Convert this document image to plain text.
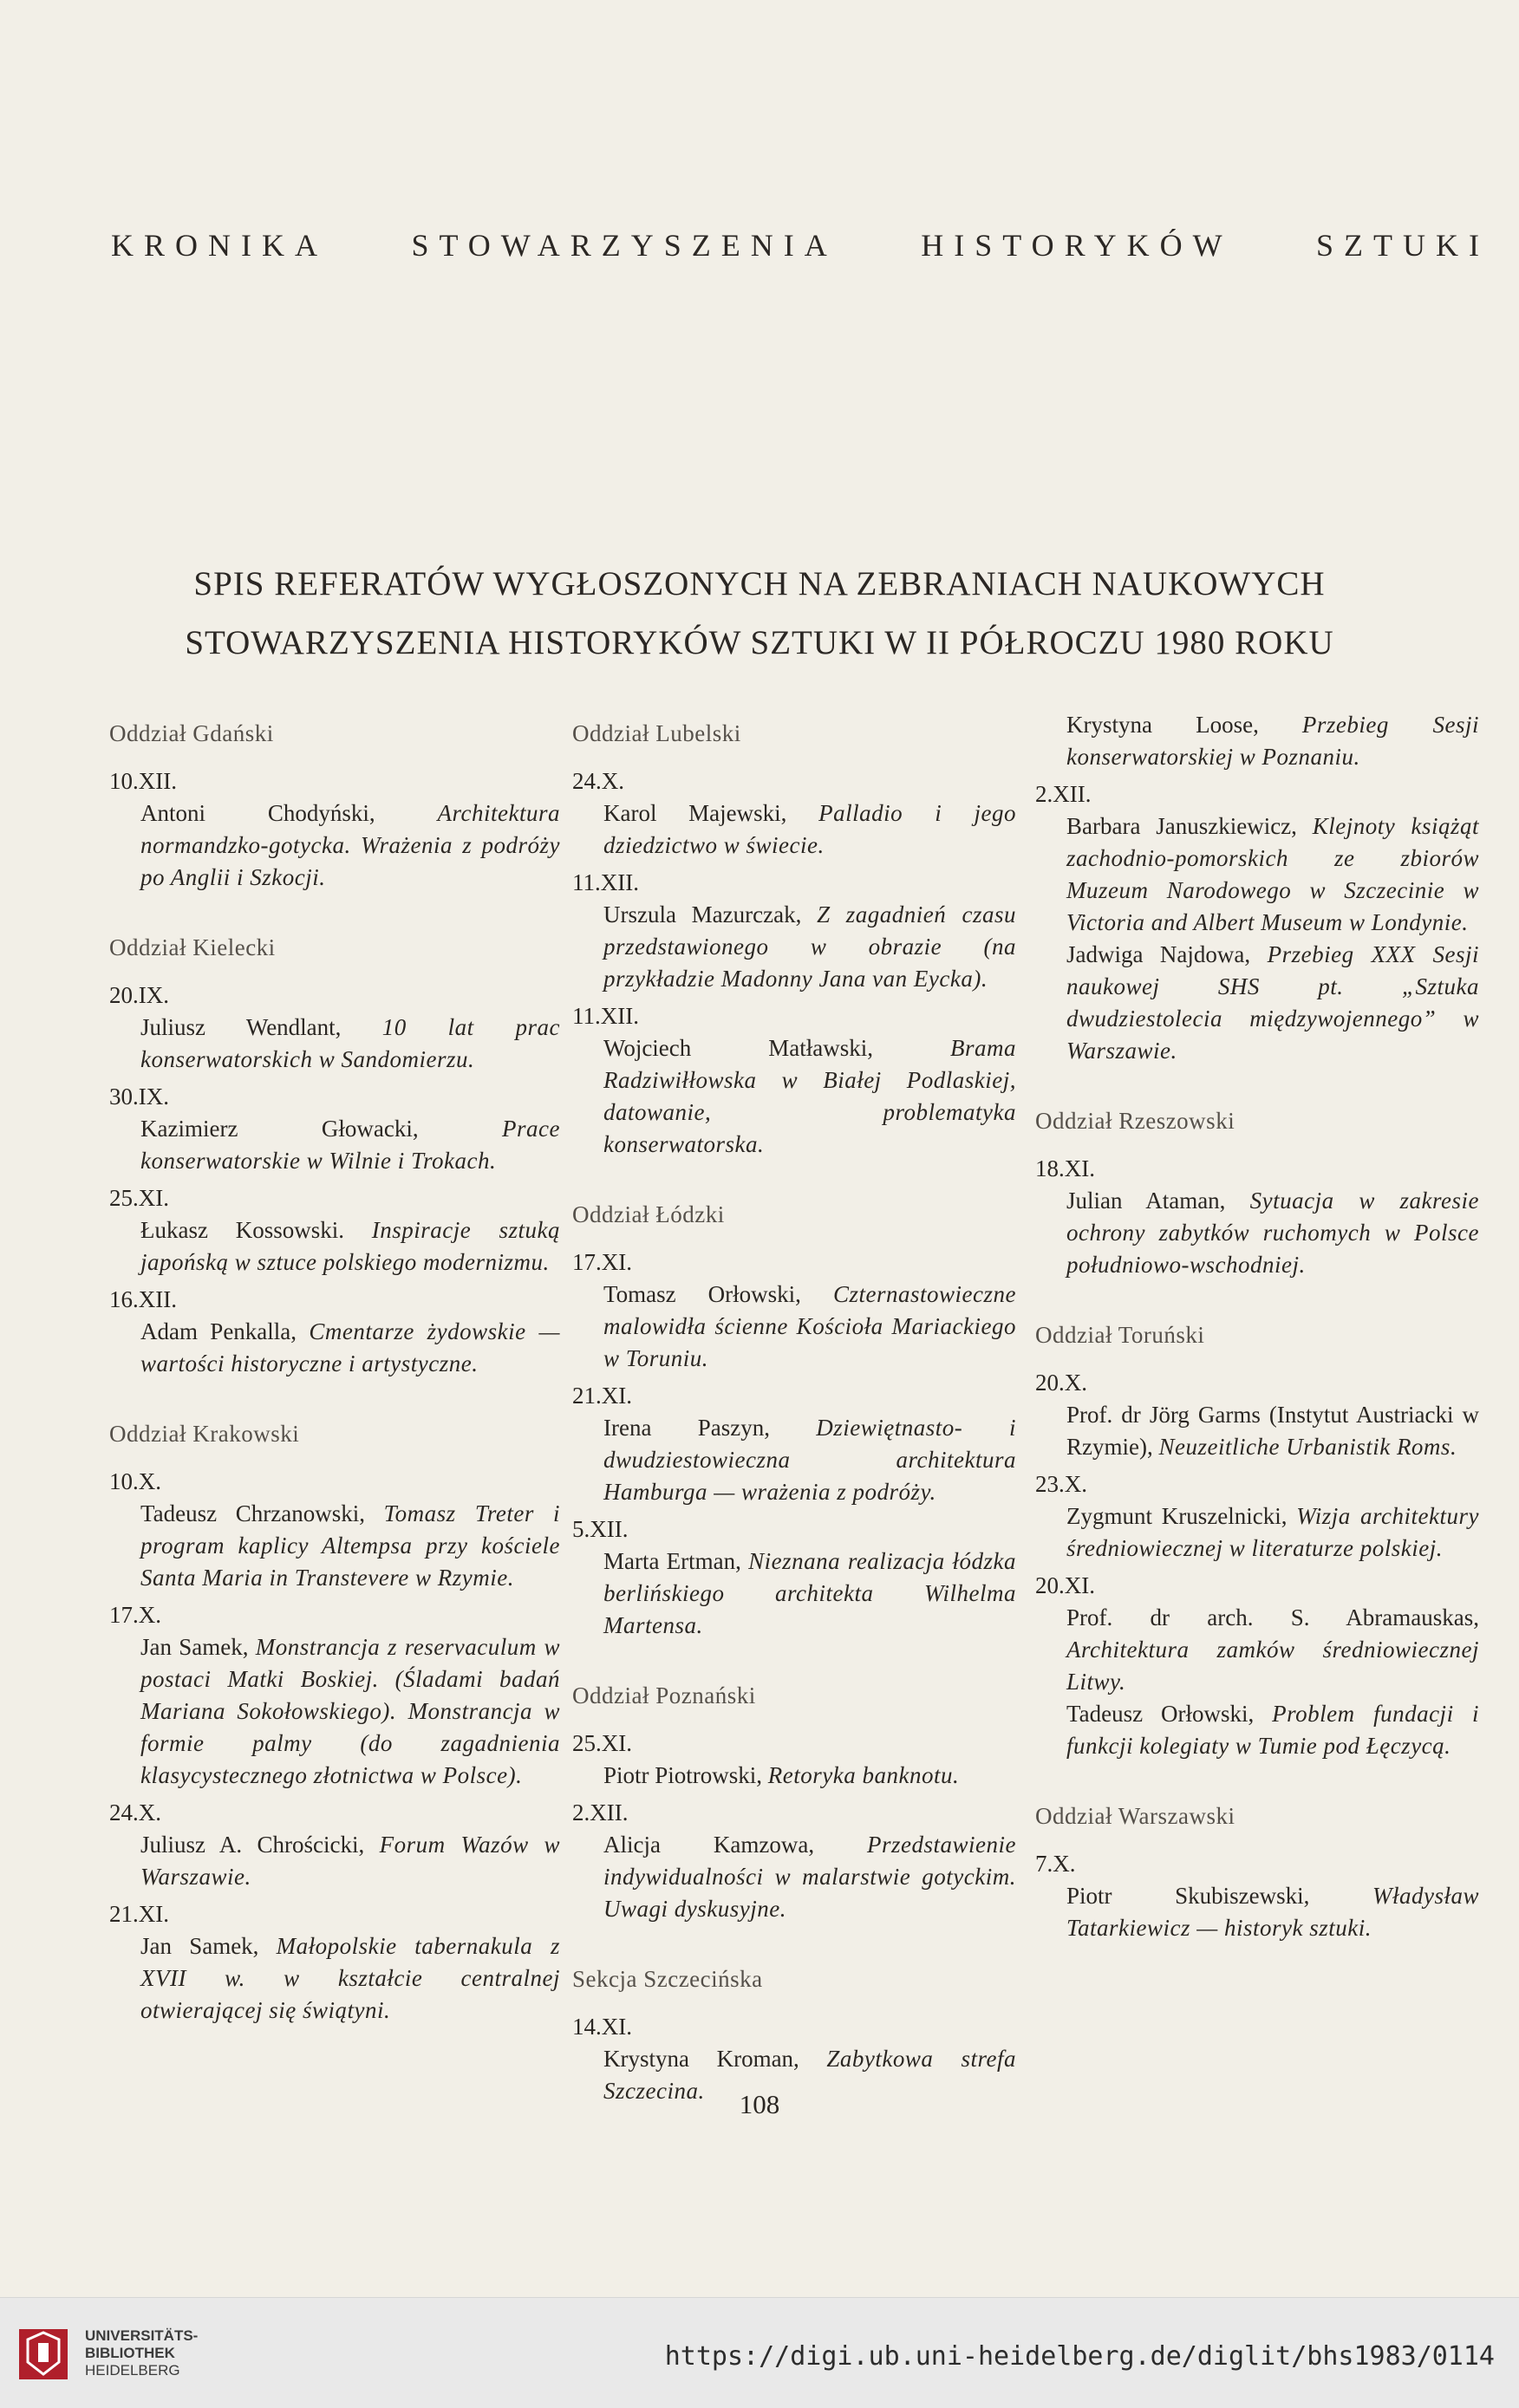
KRONIKA	STOWARZYSZENIA	HISTORYKÓW	SZTUKI
SPIS REFERATÓW WYGŁOSZONYCH NA ZEBRANIACH NAUKOWYCH
STOWARZYSZENIA HISTORYKÓW SZTUKI W II PÓŁROCZU 1980 ROKU
Oddział Gdański
10.XII.
Antoni Chodyński, Architektura normandzko-gotycka. Wrażenia z podróży po Anglii i Szkocji.
Oddział Kielecki
20.IX.
Juliusz Wendlant, 10 lat prac konserwatorskich w Sandomierzu.
30.IX.
Kazimierz Głowacki, Prace konserwatorskie w Wilnie i Trokach.
25.XI.
Łukasz Kossowski. Inspiracje sztuką japońską w sztuce polskiego modernizmu.
16.XII.
Adam Penkalla, Cmentarze żydowskie — wartości historyczne i artystyczne.
Oddział Krakowski
10.X.
Tadeusz Chrzanowski, Tomasz Treter i program kaplicy Altempsa przy kościele Santa Maria in Transtevere w Rzymie.
17.X.
Jan Samek, Monstrancja z reservaculum w postaci Matki Boskiej. (Śladami badań Mariana Sokołowskiego). Monstrancja w formie palmy (do zagadnienia klasycystecznego złotnictwa w Polsce).
24.X.
Juliusz A. Chrościcki, Forum Wazów w Warszawie.
21.XI.
Jan Samek, Małopolskie tabernakula z XVII w. w kształcie centralnej otwierającej się świątyni.
Oddział Lubelski
24.X.
Karol Majewski, Palladio i jego dziedzictwo w świecie.
11.XII.
Urszula Mazurczak, Z zagadnień czasu przedstawionego w obrazie (na przykładzie Madonny Jana van Eycka).
11.XII.
Wojciech Matławski, Brama Radziwiłłowska w Białej Podlaskiej, datowanie, problematyka konserwatorska.
Oddział Łódzki
17.XI.
Tomasz Orłowski, Czternastowieczne malowidła ścienne Kościoła Mariackiego w Toruniu.
21.XI.
Irena Paszyn, Dziewiętnasto- i dwudziestowieczna architektura Hamburga — wrażenia z podróży.
5.XII.
Marta Ertman, Nieznana realizacja łódzka berlińskiego architekta Wilhelma Martensa.
Oddział Poznański
25.XI.
Piotr Piotrowski, Retoryka banknotu.
2.XII.
Alicja Kamzowa, Przedstawienie indywidualności w malarstwie gotyckim. Uwagi dyskusyjne.
Sekcja Szczecińska
14.XI.
Krystyna Kroman, Zabytkowa strefa Szczecina.
Krystyna Loose, Przebieg Sesji konserwatorskiej w Poznaniu.
2.XII.
Barbara Januszkiewicz, Klejnoty książąt zachodnio-pomorskich ze zbiorów Muzeum Narodowego w Szczecinie w Victoria and Albert Museum w Londynie.
Jadwiga Najdowa, Przebieg XXX Sesji naukowej SHS pt. „Sztuka dwudziestolecia międzywojennego” w Warszawie.
Oddział Rzeszowski
18.XI.
Julian Ataman, Sytuacja w zakresie ochrony zabytków ruchomych w Polsce południowo-wschodniej.
Oddział Toruński
20.X.
Prof. dr Jörg Garms (Instytut Austriacki w Rzymie), Neuzeitliche Urbanistik Roms.
23.X.
Zygmunt Kruszelnicki, Wizja architektury średniowiecznej w literaturze polskiej.
20.XI.
Prof. dr arch. S. Abramauskas, Architektura zamków średniowiecznej Litwy.
Tadeusz Orłowski, Problem fundacji i funkcji kolegiaty w Tumie pod Łęczycą.
Oddział Warszawski
7.X.
Piotr Skubiszewski, Władysław Tatarkiewicz — historyk sztuki.
108
UNIVERSITÄTS-
BIBLIOTHEK
HEIDELBERG	https://digi.ub.uni-heidelberg.de/diglit/bhs1983/0114
